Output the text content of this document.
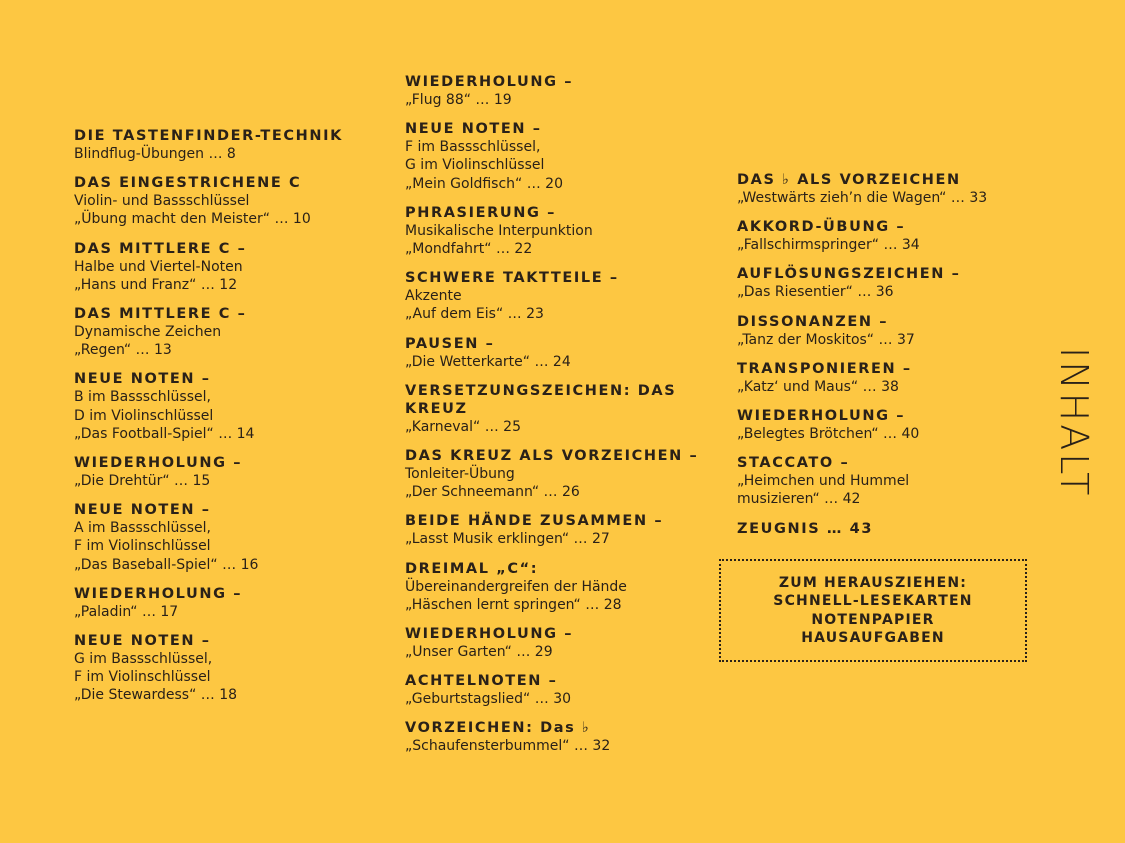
DIE TASTENFINDER-TECHNIK
Blindflug-Übungen … 8
DAS EINGESTRICHENE C
Violin- und Bassschlüssel
„Übung macht den Meister“ … 10
DAS MITTLERE C –
Halbe und Viertel-Noten
„Hans und Franz“ … 12
DAS MITTLERE C –
Dynamische Zeichen
„Regen“ … 13
NEUE NOTEN –
B im Bassschlüssel,
D im Violinschlüssel
„Das Football-Spiel“ … 14
WIEDERHOLUNG –
„Die Drehtür“ … 15
NEUE NOTEN –
A im Bassschlüssel,
F im Violinschlüssel
„Das Baseball-Spiel“ … 16
WIEDERHOLUNG –
„Paladin“ … 17
NEUE NOTEN –
G im Bassschlüssel,
F im Violinschlüssel
„Die Stewardess“ … 18
WIEDERHOLUNG –
„Flug 88“ … 19
NEUE NOTEN –
F im Bassschlüssel,
G im Violinschlüssel
„Mein Goldfisch“ … 20
PHRASIERUNG –
Musikalische Interpunktion
„Mondfahrt“ … 22
SCHWERE TAKTTEILE –
Akzente
„Auf dem Eis“ … 23
PAUSEN –
„Die Wetterkarte“ … 24
VERSETZUNGSZEICHEN: DAS KREUZ
„Karneval“ … 25
DAS KREUZ ALS VORZEICHEN –
Tonleiter-Übung
„Der Schneemann“ … 26
BEIDE HÄNDE ZUSAMMEN –
„Lasst Musik erklingen“ … 27
DREIMAL „C“:
Übereinandergreifen der Hände
„Häschen lernt springen“ … 28
WIEDERHOLUNG –
„Unser Garten“ … 29
ACHTELNOTEN –
„Geburtstagslied“ … 30
VORZEICHEN: Das ♭
„Schaufensterbummel“ … 32
DAS ♭ ALS VORZEICHEN
„Westwärts zieh’n die Wagen“ … 33
AKKORD-ÜBUNG –
„Fallschirmspringer“ … 34
AUFLÖSUNGSZEICHEN –
„Das Riesentier“ … 36
DISSONANZEN –
„Tanz der Moskitos“ … 37
TRANSPONIEREN –
„Katz‘ und Maus“ … 38
WIEDERHOLUNG –
„Belegtes Brötchen“ … 40
STACCATO –
„Heimchen und Hummel
musizieren“ … 42
ZEUGNIS … 43
ZUM HERAUSZIEHEN:
SCHNELL-LESEKARTEN
NOTENPAPIER
HAUSAUFGABEN
INHALT
